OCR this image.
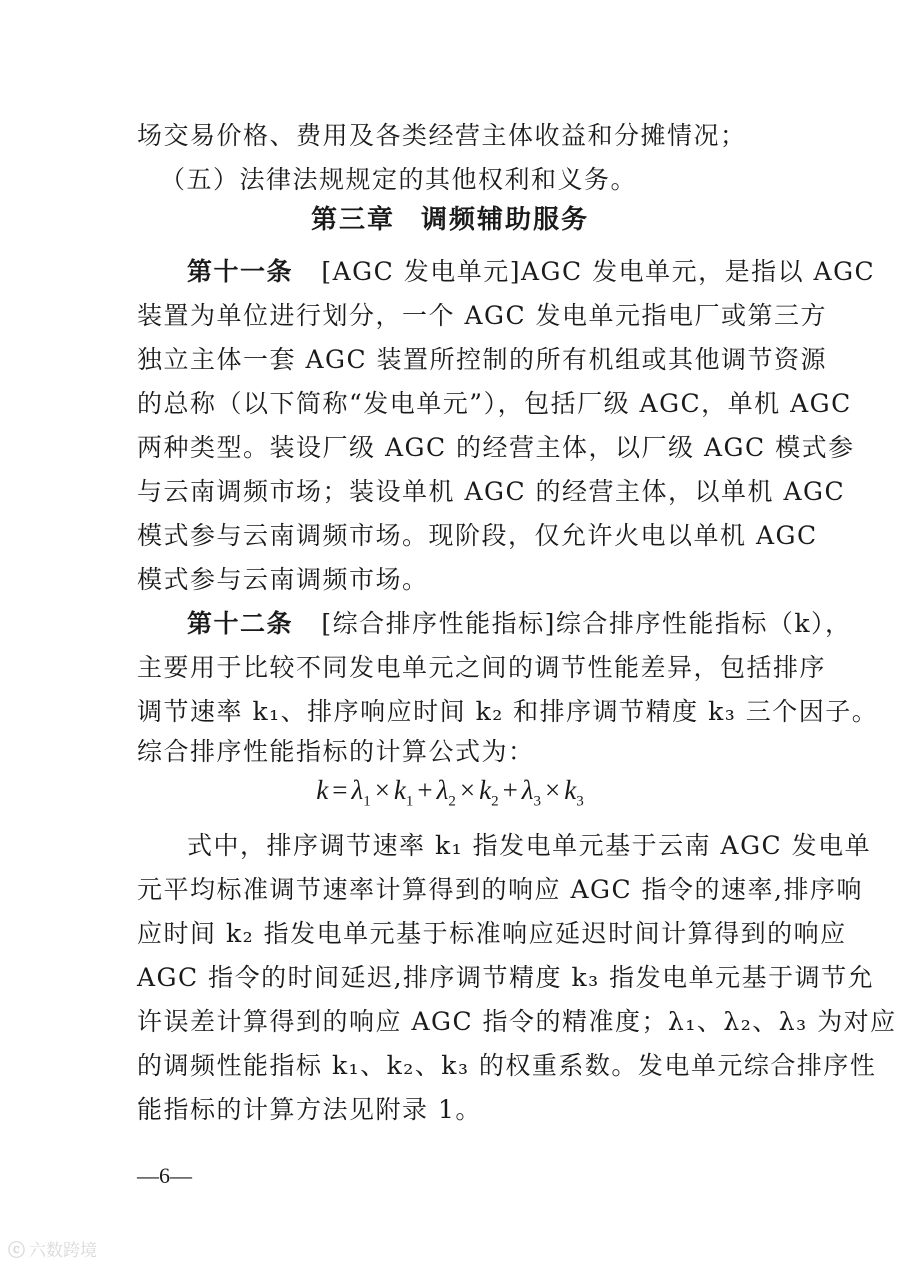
场交易价格、费用及各类经营主体收益和分摊情况；
（五）法律法规规定的其他权利和义务。
第三章 调频辅助服务
第十一条 [AGC 发电单元]AGC 发电单元，是指以 AGC
装置为单位进行划分，一个 AGC 发电单元指电厂或第三方
独立主体一套 AGC 装置所控制的所有机组或其他调节资源
的总称（以下简称“发电单元”），包括厂级 AGC，单机 AGC
两种类型。装设厂级 AGC 的经营主体，以厂级 AGC 模式参
与云南调频市场；装设单机 AGC 的经营主体，以单机 AGC
模式参与云南调频市场。现阶段，仅允许火电以单机 AGC
模式参与云南调频市场。
第十二条 [综合排序性能指标]综合排序性能指标（k），
主要用于比较不同发电单元之间的调节性能差异，包括排序
调节速率 k₁、排序响应时间 k₂ 和排序调节精度 k₃ 三个因子。
综合排序性能指标的计算公式为：
$k = \lambda_1 \times k_1 + \lambda_2 \times k_2 + \lambda_3 \times k_3$
式中，排序调节速率 k₁ 指发电单元基于云南 AGC 发电单
元平均标准调节速率计算得到的响应 AGC 指令的速率,排序响
应时间 k₂ 指发电单元基于标准响应延迟时间计算得到的响应
AGC 指令的时间延迟,排序调节精度 k₃ 指发电单元基于调节允
许误差计算得到的响应 AGC 指令的精准度；λ₁、λ₂、λ₃ 为对应
的调频性能指标 k₁、k₂、k₃ 的权重系数。发电单元综合排序性
能指标的计算方法见附录 1。
—6—
ⓒ 六数跨境
